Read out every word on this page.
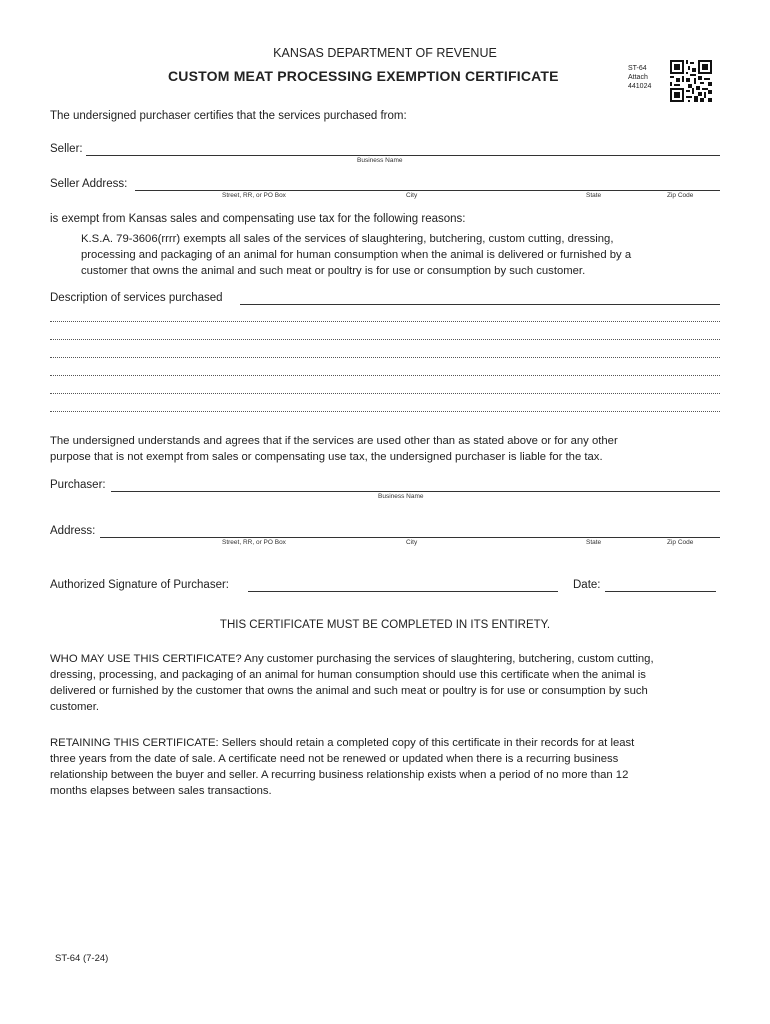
KANSAS DEPARTMENT OF REVENUE
CUSTOM MEAT PROCESSING EXEMPTION CERTIFICATE	ST-64
Attach
441024
The undersigned purchaser certifies that the services purchased from:
Seller:
Business Name
Seller Address:
Street, RR, or PO Box	City	State	Zip Code
is exempt from Kansas sales and compensating use tax for the following reasons:
K.S.A. 79-3606(rrrr) exempts all sales of the services of slaughtering, butchering, custom cutting, dressing,
processing and packaging of an animal for human consumption when the animal is delivered or furnished by a
customer that owns the animal and such meat or poultry is for use or consumption by such customer.
Description of services purchased
The undersigned understands and agrees that if the services are used other than as stated above or for any other
purpose that is not exempt from sales or compensating use tax, the undersigned purchaser is liable for the tax.
Purchaser:
Business Name
Address:
Street, RR, or PO Box	City	State	Zip Code
Authorized Signature of Purchaser:	Date:
THIS CERTIFICATE MUST BE COMPLETED IN ITS ENTIRETY.
WHO MAY USE THIS CERTIFICATE? Any customer purchasing the services of slaughtering, butchering, custom cutting,
dressing, processing, and packaging of an animal for human consumption should use this certificate when the animal is
delivered or furnished by the customer that owns the animal and such meat or poultry is for use or consumption by such
customer.
RETAINING THIS CERTIFICATE: Sellers should retain a completed copy of this certificate in their records for at least
three years from the date of sale. A certificate need not be renewed or updated when there is a recurring business
relationship between the buyer and seller. A recurring business relationship exists when a period of no more than 12
months elapses between sales transactions.
ST-64 (7-24)
